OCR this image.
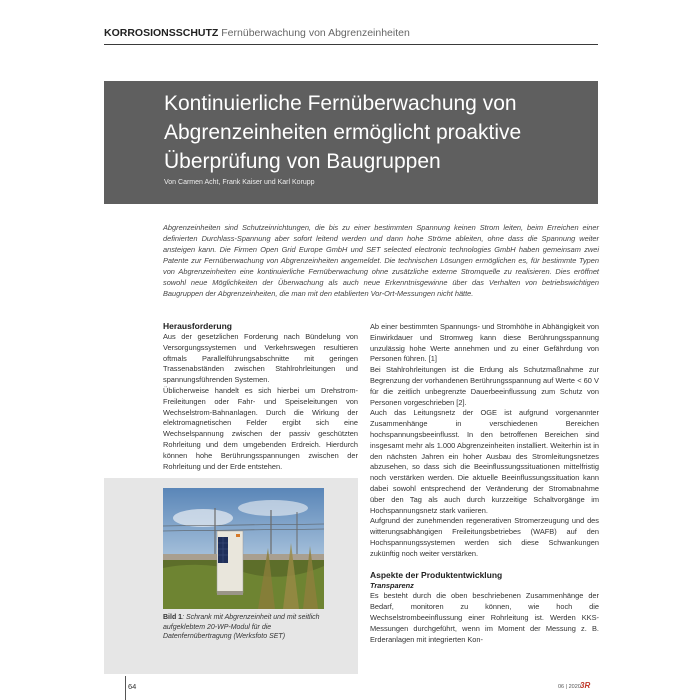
KORROSIONSSCHUTZ Fernüberwachung von Abgrenzeinheiten
Kontinuierliche Fernüberwachung von
Abgrenzeinheiten ermöglicht proaktive
Überprüfung von Baugruppen
Von Carmen Acht, Frank Kaiser und Karl Korupp
Abgrenzeinheiten sind Schutzeinrichtungen, die bis zu einer bestimmten Spannung keinen Strom leiten, beim Erreichen einer definierten Durchlass-Spannung aber sofort leitend werden und dann hohe Ströme ableiten, ohne dass die Spannung weiter ansteigen kann. Die Firmen Open Grid Europe GmbH und SET selected electronic technologies GmbH haben gemeinsam zwei Patente zur Fernüberwachung von Abgrenzeinheiten angemeldet. Die technischen Lösungen ermöglichen es, für bestimmte Typen von Abgrenzeinheiten eine kontinuierliche Fernüberwachung ohne zusätzliche externe Stromquelle zu realisieren. Dies eröffnet sowohl neue Möglichkeiten der Überwachung als auch neue Erkenntnisgewinne über das Verhalten von betriebswichtigen Baugruppen der Abgrenzeinheiten, die man mit den etablierten Vor-Ort-Messungen nicht hätte.
Herausforderung

Aus der gesetzlichen Forderung nach Bündelung von Versorgungssystemen und Verkehrswegen resultieren oftmals Parallelführungsabschnitte mit geringen Trassenabständen zwischen Stahlrohrleitungen und spannungsführenden Systemen.

Üblicherweise handelt es sich hierbei um Drehstrom-Freileitungen oder Fahr- und Speiseleitungen von Wechselstrom-Bahnanlagen. Durch die Wirkung der elektromagnetischen Felder ergibt sich eine Wechselspannung zwischen der passiv geschützten Rohrleitung und dem umgebenden Erdreich. Hierdurch können hohe Berührungsspannungen zwischen der Rohrleitung und der Erde entstehen.

Bild 1: Schrank mit Abgrenzeinheit und mit seitlich aufgeklebtem 20-WP-Modul für die Datenfernübertragung (Werksfoto SET)

Ab einer bestimmten Spannungs- und Stromhöhe in Abhängigkeit von Einwirkdauer und Stromweg kann diese Berührungsspannung unzulässig hohe Werte annehmen und zu einer Gefährdung von Personen führen. [1]

Bei Stahlrohrleitungen ist die Erdung als Schutzmaßnahme zur Begrenzung der vorhandenen Berührungsspannung auf Werte < 60 V für die zeitlich unbegrenzte Dauerbeeinflussung zum Schutz von Personen vorgeschrieben [2].

Auch das Leitungsnetz der OGE ist aufgrund vorgenannter Zusammenhänge in verschiedenen Bereichen hochspannungsbeeinflusst. In den betroffenen Bereichen sind insgesamt mehr als 1.000 Abgrenzeinheiten installiert. Weiterhin ist in den nächsten Jahren ein hoher Ausbau des Stromleitungsnetzes abzusehen, so dass sich die Beeinflussungssituationen mittelfristig noch verstärken werden. Die aktuelle Beeinflussungssituation kann dabei sowohl entsprechend der Veränderung der Stromabnahme über den Tag als auch durch kurzzeitige Schaltvorgänge im Hochspannungsnetz stark variieren.

Aufgrund der zunehmenden regenerativen Stromerzeugung und des witterungsabhängigen Freileitungsbetriebes (WAFB) auf den Hochspannungssystemen werden sich diese Schwankungen zukünftig noch weiter verstärken.

Aspekte der Produktentwicklung
Transparenz

Es besteht durch die oben beschriebenen Zusammenhänge der Bedarf, monitoren zu können, wie hoch die Wechselstrombeeinflussung einer Rohrleitung ist. Werden KKS-Messungen durchgeführt, wenn im Moment der Messung z. B. Erderanlagen mit integrierten Kon-

64	06 | 2020 3R
